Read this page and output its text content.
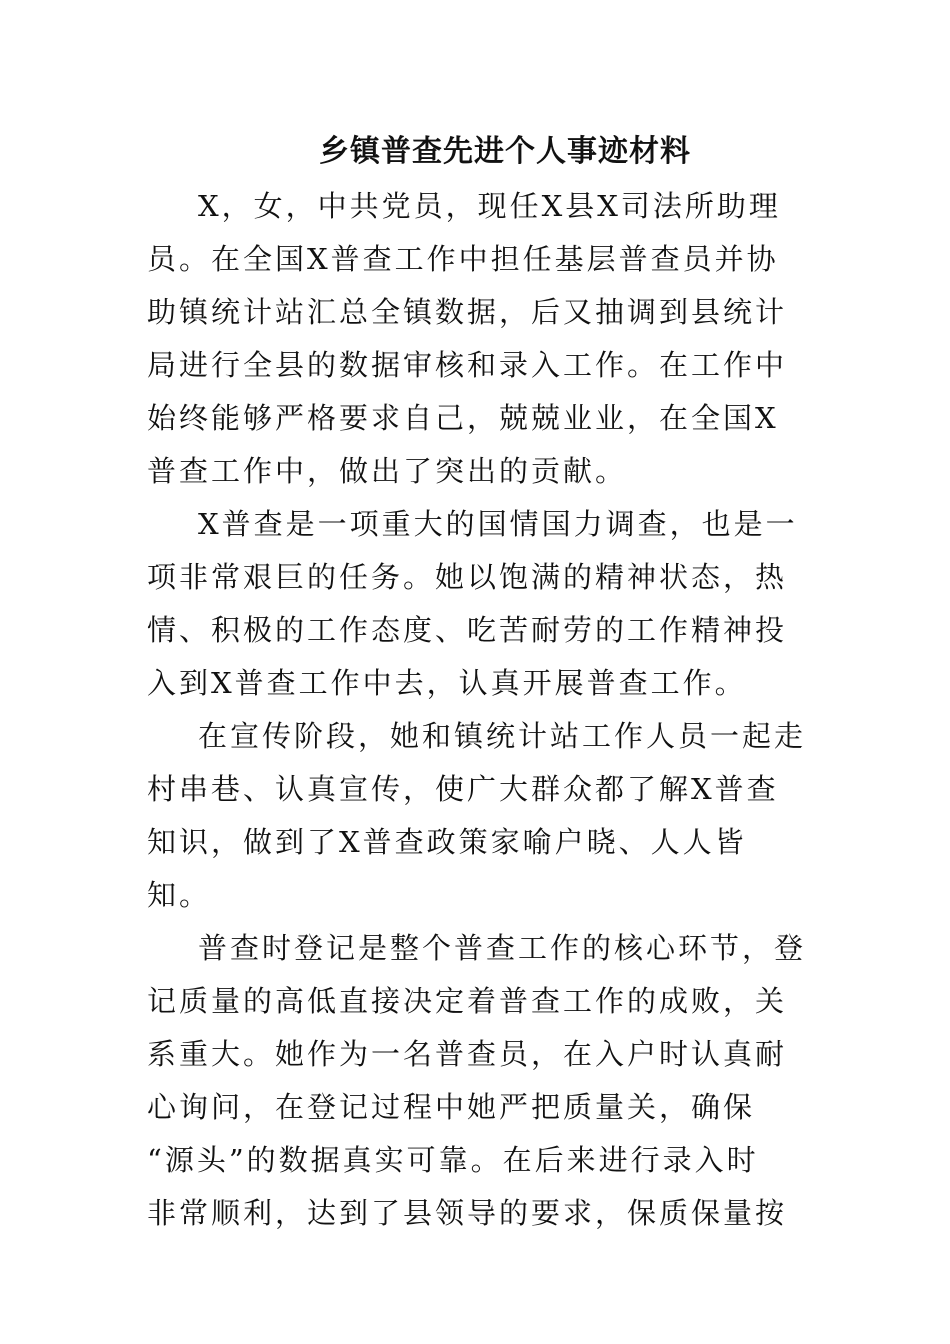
乡镇普查先进个人事迹材料
X，女，中共党员，现任X县X司法所助理
员。在全国X普查工作中担任基层普查员并协
助镇统计站汇总全镇数据，后又抽调到县统计
局进行全县的数据审核和录入工作。在工作中
始终能够严格要求自己，兢兢业业，在全国X
普查工作中，做出了突出的贡献。
X普查是一项重大的国情国力调查，也是一
项非常艰巨的任务。她以饱满的精神状态，热
情、积极的工作态度、吃苦耐劳的工作精神投
入到X普查工作中去，认真开展普查工作。
在宣传阶段，她和镇统计站工作人员一起走
村串巷、认真宣传，使广大群众都了解X普查
知识，做到了X普查政策家喻户晓、人人皆
知。
普查时登记是整个普查工作的核心环节，登
记质量的高低直接决定着普查工作的成败，关
系重大。她作为一名普查员，在入户时认真耐
心询问，在登记过程中她严把质量关，确保
“源头”的数据真实可靠。在后来进行录入时
非常顺利，达到了县领导的要求，保质保量按
